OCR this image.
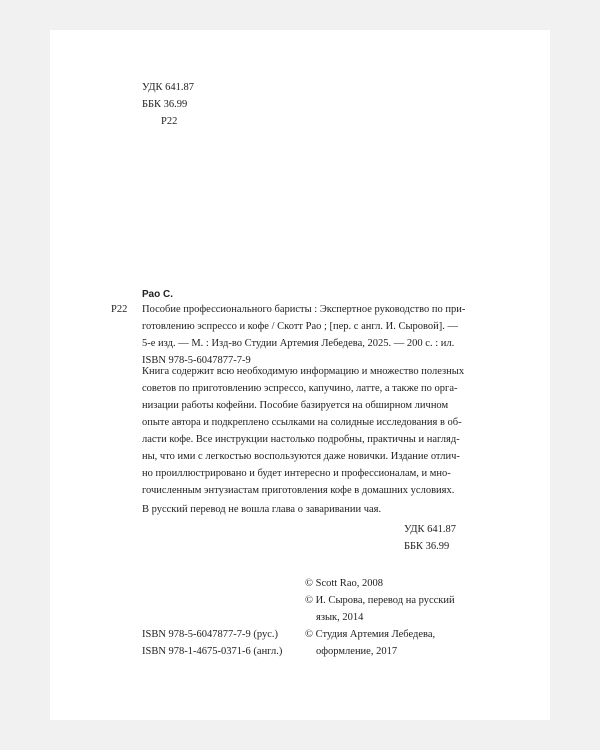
УДК 641.87
ББК 36.99
Р22
Рао С.
Р22 Пособие профессионального баристы : Экспертное руководство по при-
готовлению эспрессо и кофе / Скотт Рао ; [пер. с англ. И. Сыровой]. —
5-е изд. — М. : Изд-во Студии Артемия Лебедева, 2025. — 200 с. : ил.
ISBN 978-5-6047877-7-9
Книга содержит всю необходимую информацию и множество полезных
советов по приготовлению эспрессо, капучино, латте, а также по орга-
низации работы кофейни. Пособие базируется на обширном личном
опыте автора и подкреплено ссылками на солидные исследования в об-
ласти кофе. Все инструкции настолько подробны, практичны и нагляд-
ны, что ими с легкостью воспользуются даже новички. Издание отлич-
но проиллюстрировано и будет интересно и профессионалам, и мно-
гочисленным энтузиастам приготовления кофе в домашних условиях.
В русский перевод не вошла глава о заваривании чая.
УДК 641.87
ББК 36.99
© Scott Rao, 2008
© И. Сырова, перевод на русский
язык, 2014
© Студия Артемия Лебедева,
оформление, 2017
ISBN 978-5-6047877-7-9 (рус.)
ISBN 978-1-4675-0371-6 (англ.)
